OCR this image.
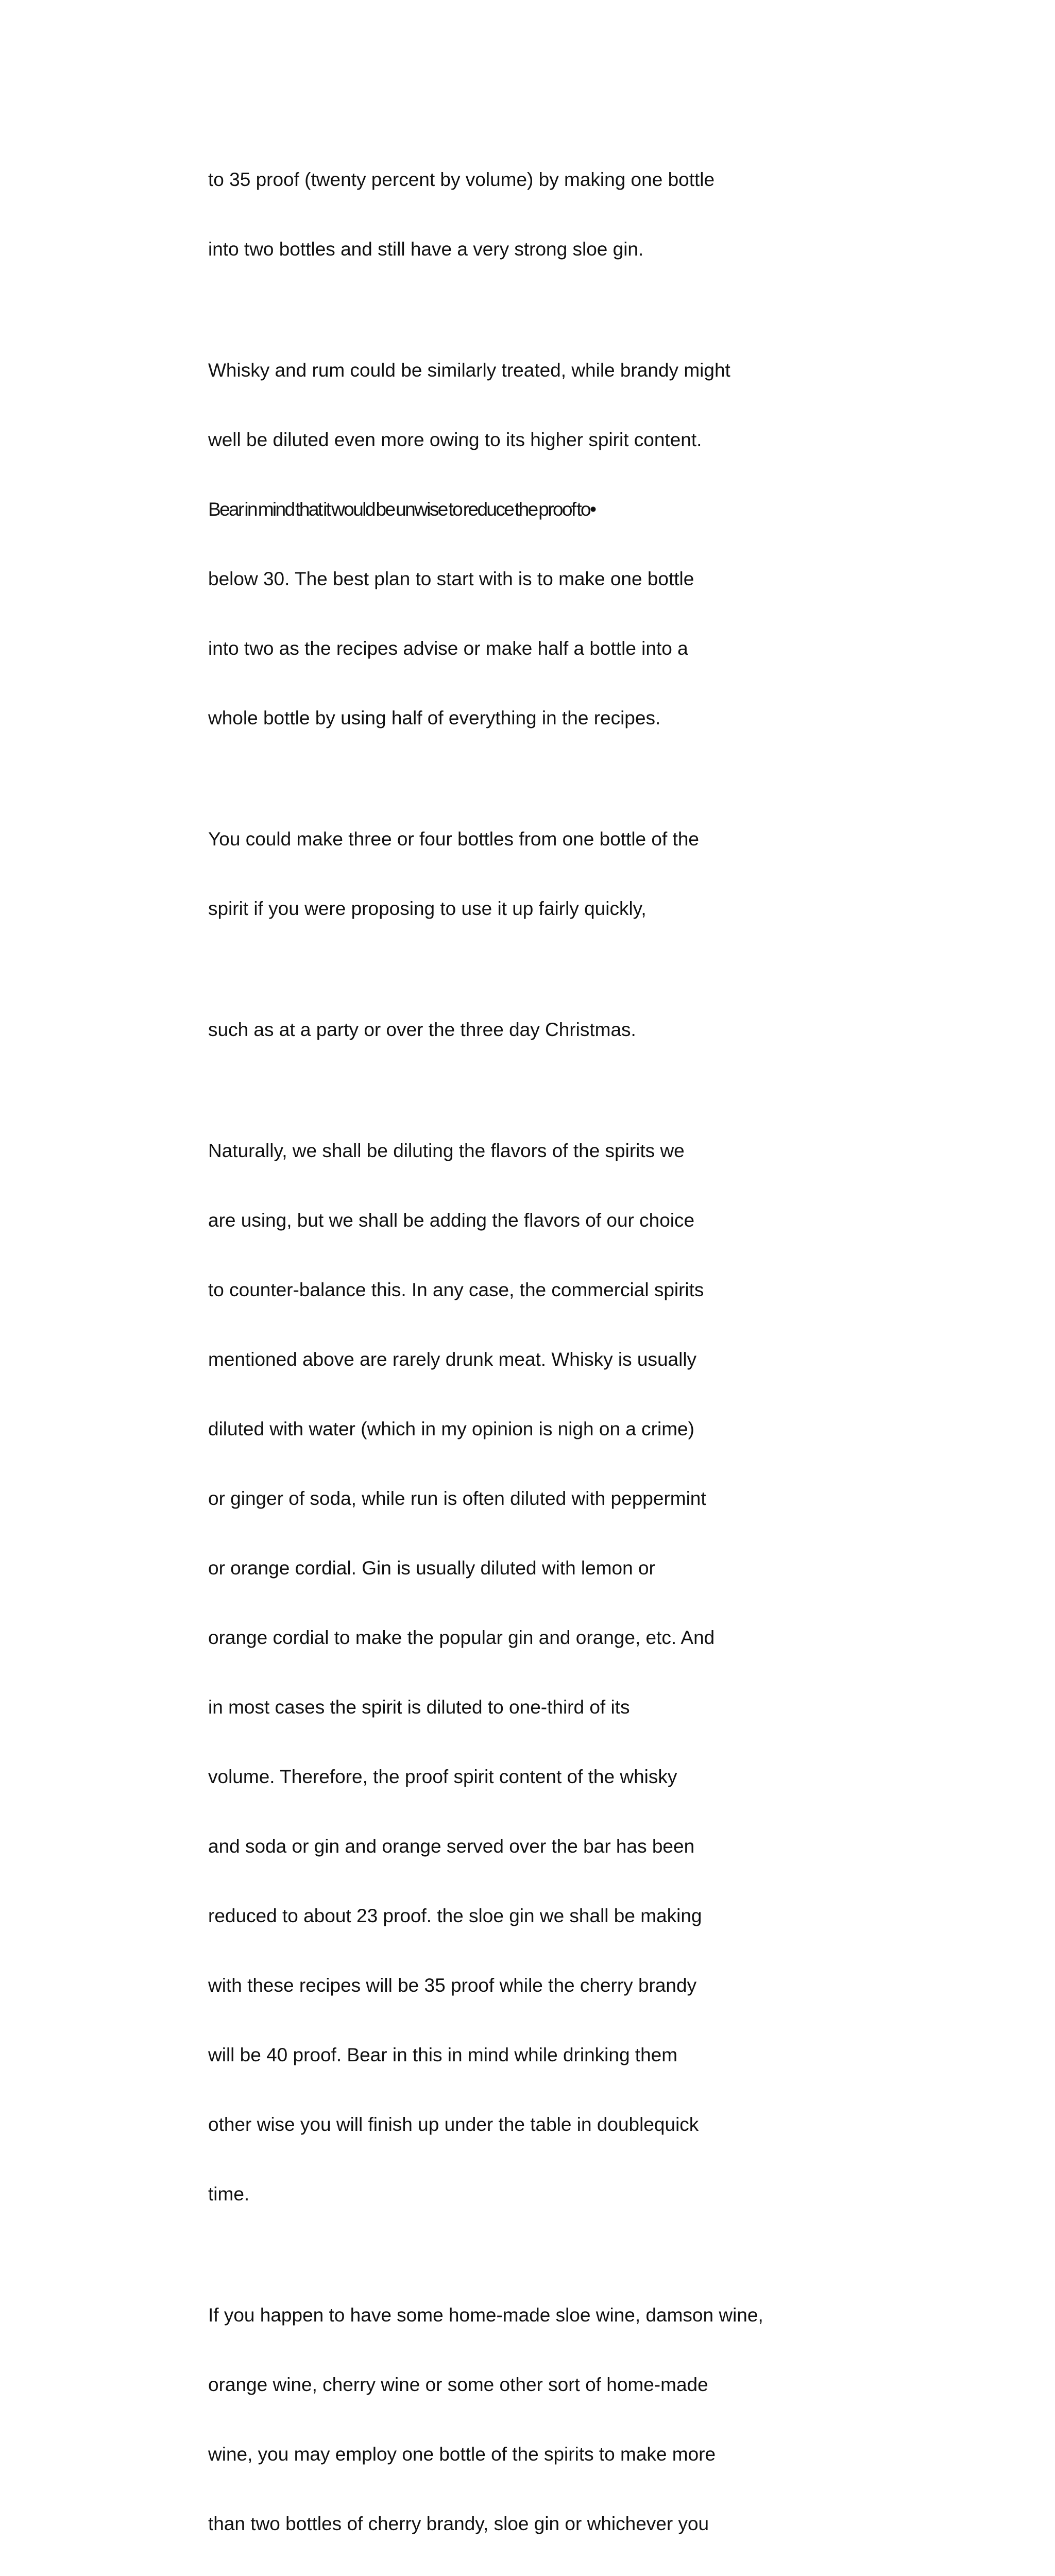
to 35 proof (twenty percent by volume) by making one bottle

into two bottles and still have a very strong sloe gin.

Whisky and rum could be similarly treated, while brandy might

well be diluted even more owing to its higher spirit content.

Bear in mind that it would be unwise to reduce the proof to•

below 30. The best plan to start with is to make one bottle

into two as the recipes advise or make half a bottle into a

whole bottle by using half of everything in the recipes.

You could make three or four bottles from one bottle of the

spirit if you were proposing to use it up fairly quickly,

such as at a party or over the three day Christmas.

Naturally, we shall be diluting the flavors of the spirits we

are using, but we shall be adding the flavors of our choice

to counter-balance this. In any case, the commercial spirits

mentioned above are rarely drunk meat. Whisky is usually

diluted with water (which in my opinion is nigh on a crime)

or ginger of soda, while run is often diluted with peppermint

or orange cordial. Gin is usually diluted with lemon or

orange cordial to make the popular gin and orange, etc. And

in most cases the spirit is diluted to one-third of its

volume. Therefore, the proof spirit content of the whisky

and soda or gin and orange served over the bar has been

reduced to about 23 proof. the sloe gin we shall be making

with these recipes will be 35 proof while the cherry brandy

will be 40 proof. Bear in this in mind while drinking them

other wise you will finish up under the table in doublequick

time.

If you happen to have some home-made sloe wine, damson wine,

orange wine, cherry wine or some other sort of home-made

wine, you may employ one bottle of the spirits to make more

than two bottles of cherry brandy, sloe gin or whichever you
